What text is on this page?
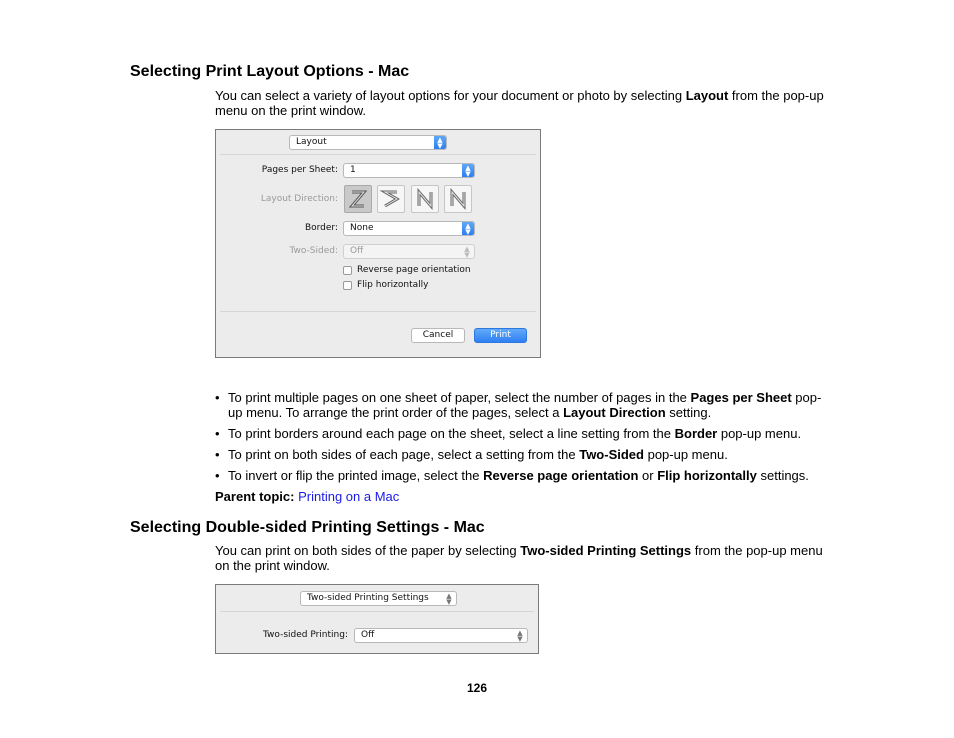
Selecting Print Layout Options - Mac

You can select a variety of layout options for your document or photo by selecting Layout from the pop-up menu on the print window.

Layout	▲
▼
Pages per Sheet:	1	▲
▼
Layout Direction:
Border:	None	▲
▼
Two-Sided:	Off	▲
▼
Reverse page orientation
Flip horizontally
Cancel	Print
• To print multiple pages on one sheet of paper, select the number of pages in the Pages per Sheet pop-up menu. To arrange the print order of the pages, select a Layout Direction setting.
• To print borders around each page on the sheet, select a line setting from the Border pop-up menu.
• To print on both sides of each page, select a setting from the Two-Sided pop-up menu.
• To invert or flip the printed image, select the Reverse page orientation or Flip horizontally settings.

Parent topic: Printing on a Mac

Selecting Double-sided Printing Settings - Mac

You can print on both sides of the paper by selecting Two-sided Printing Settings from the pop-up menu on the print window.

Two-sided Printing Settings	▲
▼
Two-sided Printing:	Off	▲
▼
126
